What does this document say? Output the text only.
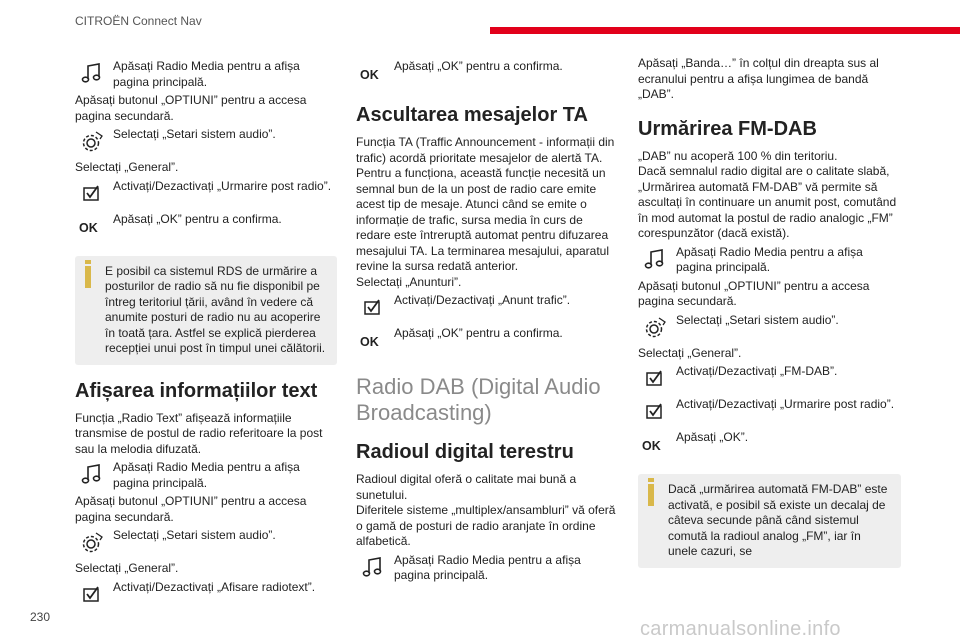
CITROËN Connect Nav

Apăsați Radio Media pentru a afișa pagina principală.

Apăsați butonul „OPTIUNI” pentru a accesa pagina secundară.

Selectați „Setari sistem audio”.

Selectați „General”.

Activați/Dezactivați „Urmarire post radio”.

OK

Apăsați „OK” pentru a confirma.

E posibil ca sistemul RDS de urmărire a posturilor de radio să nu fie disponibil pe întreg teritoriul țării, având în vedere că anumite posturi de radio nu au acoperire în toată țara. Astfel se explică pierderea recepției unui post în timpul unei călătorii.

Afișarea informațiilor text

Funcția „Radio Text” afișează informațiile transmise de postul de radio referitoare la post sau la melodia difuzată.

Apăsați Radio Media pentru a afișa pagina principală.

Apăsați butonul „OPTIUNI” pentru a accesa pagina secundară.

Selectați „Setari sistem audio”.

Selectați „General”.

Activați/Dezactivați „Afisare radiotext”.

OK

Apăsați „OK” pentru a confirma.

Ascultarea mesajelor TA

Funcția TA (Traffic Announcement - informații din trafic) acordă prioritate mesajelor de alertă TA. Pentru a funcționa, această funcție necesită un semnal bun de la un post de radio care emite acest tip de mesaje. Atunci când se emite o informație de trafic, sursa media în curs de redare este întreruptă automat pentru difuzarea mesajului TA. La terminarea mesajului, aparatul revine la sursa redată anterior.

Selectați „Anunturi”.

Activați/Dezactivați „Anunt trafic”.

OK

Apăsați „OK” pentru a confirma.

Radio DAB (Digital Audio Broadcasting)
Radioul digital terestru

Radioul digital oferă o calitate mai bună a sunetului.

Diferitele sisteme „multiplex/ansambluri” vă oferă o gamă de posturi de radio aranjate în ordine alfabetică.

Apăsați Radio Media pentru a afișa pagina principală.

Apăsați „Banda…” în colțul din dreapta sus al ecranului pentru a afișa lungimea de bandă „DAB”.

Urmărirea FM-DAB

„DAB” nu acoperă 100 % din teritoriu.

Dacă semnalul radio digital are o calitate slabă, „Urmărirea automată FM-DAB” vă permite să ascultați în continuare un anumit post, comutând în mod automat la postul de radio analogic „FM” corespunzător (dacă există).

Apăsați Radio Media pentru a afișa pagina principală.

Apăsați butonul „OPTIUNI” pentru a accesa pagina secundară.

Selectați „Setari sistem audio”.

Selectați „General”.

Activați/Dezactivați „FM-DAB”.

Activați/Dezactivați „Urmarire post radio”.

OK

Apăsați „OK”.

Dacă „urmărirea automată FM-DAB” este activată, e posibil să existe un decalaj de câteva secunde până când sistemul comută la radioul analog „FM”, iar în unele cazuri, se

230
carmanualsonline.info
